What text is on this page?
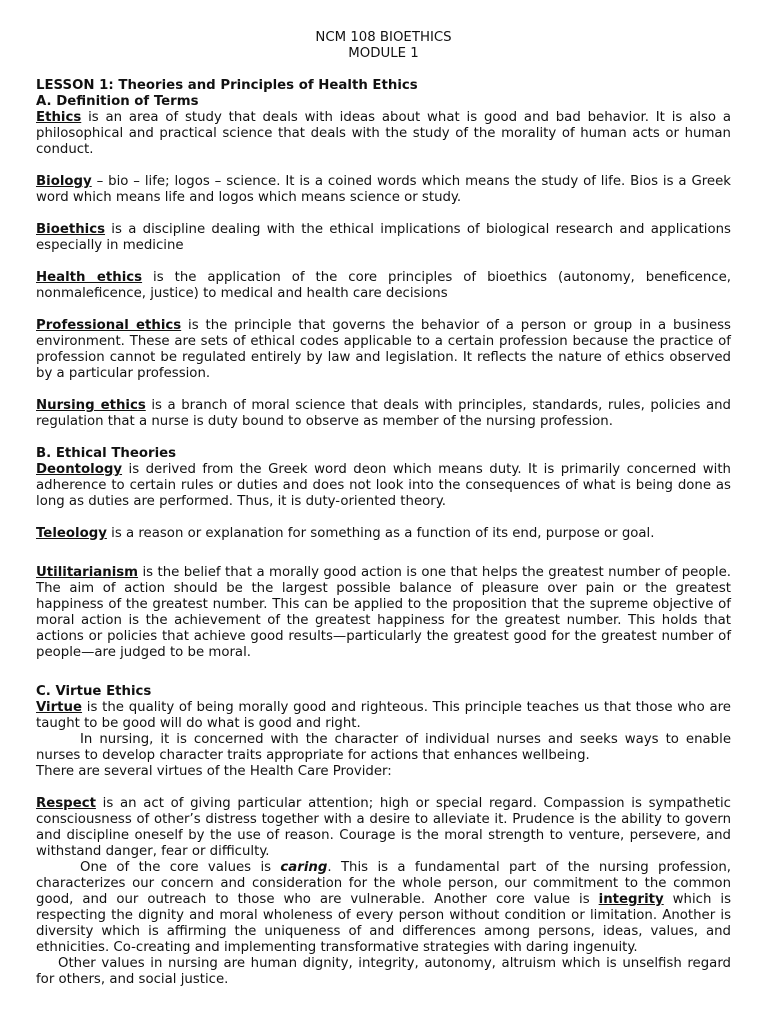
NCM 108 BIOETHICS

MODULE 1

LESSON 1: Theories and Principles of Health Ethics

A. Definition of Terms

Ethics is an area of study that deals with ideas about what is good and bad behavior. It is also a philosophical and practical science that deals with the study of the morality of human acts or human conduct.

Biology – bio – life; logos – science. It is a coined words which means the study of life. Bios is a Greek word which means life and logos which means science or study.

Bioethics is a discipline dealing with the ethical implications of biological research and applications especially in medicine

Health ethics is the application of the core principles of bioethics (autonomy, beneficence, nonmaleficence, justice) to medical and health care decisions

Professional ethics is the principle that governs the behavior of a person or group in a business environment. These are sets of ethical codes applicable to a certain profession because the practice of profession cannot be regulated entirely by law and legislation. It reflects the nature of ethics observed by a particular profession.

Nursing ethics is a branch of moral science that deals with principles, standards, rules, policies and regulation that a nurse is duty bound to observe as member of the nursing profession.

B. Ethical Theories

Deontology is derived from the Greek word deon which means duty. It is primarily concerned with adherence to certain rules or duties and does not look into the consequences of what is being done as long as duties are performed. Thus, it is duty-oriented theory.

Teleology is a reason or explanation for something as a function of its end, purpose or goal.

Utilitarianism is the belief that a morally good action is one that helps the greatest number of people. The aim of action should be the largest possible balance of pleasure over pain or the greatest happiness of the greatest number. This can be applied to the proposition that the supreme objective of moral action is the achievement of the greatest happiness for the greatest number. This holds that actions or policies that achieve good results—particularly the greatest good for the greatest number of people—are judged to be moral.

C. Virtue Ethics

Virtue is the quality of being morally good and righteous. This principle teaches us that those who are taught to be good will do what is good and right.

In nursing, it is concerned with the character of individual nurses and seeks ways to enable nurses to develop character traits appropriate for actions that enhances wellbeing.

There are several virtues of the Health Care Provider:

Respect is an act of giving particular attention; high or special regard. Compassion is sympathetic consciousness of other’s distress together with a desire to alleviate it. Prudence is the ability to govern and discipline oneself by the use of reason. Courage is the moral strength to venture, persevere, and withstand danger, fear or difficulty.

One of the core values is caring. This is a fundamental part of the nursing profession, characterizes our concern and consideration for the whole person, our commitment to the common good, and our outreach to those who are vulnerable. Another core value is integrity which is respecting the dignity and moral wholeness of every person without condition or limitation. Another is diversity which is affirming the uniqueness of and differences among persons, ideas, values, and ethnicities. Co-creating and implementing transformative strategies with daring ingenuity.

Other values in nursing are human dignity, integrity, autonomy, altruism which is unselfish regard for others, and social justice.
